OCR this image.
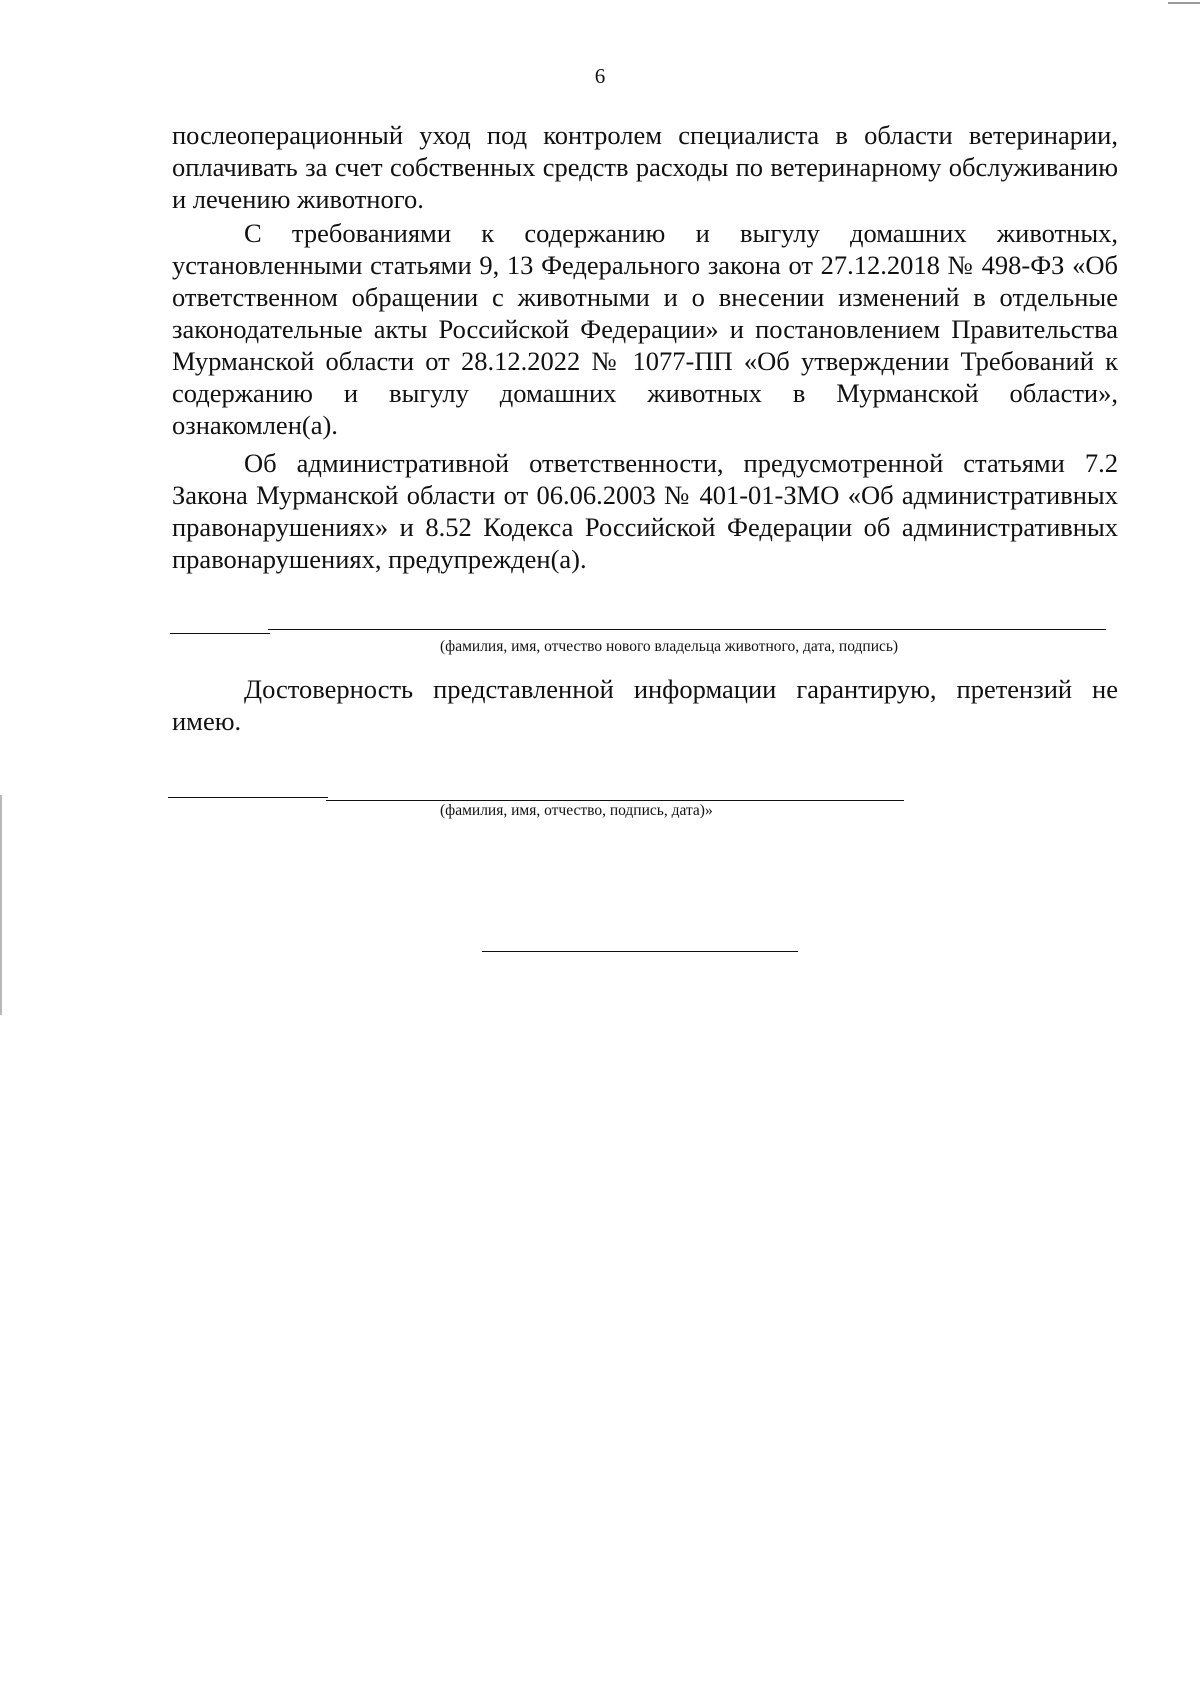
6

послеоперационный уход под контролем специалиста в области ветеринарии, оплачивать за счет собственных средств расходы по ветеринарному обслуживанию и лечению животного.

С требованиями к содержанию и выгулу домашних животных, установленными статьями 9, 13 Федерального закона от 27.12.2018 № 498-ФЗ «Об ответственном обращении с животными и о внесении изменений в отдельные законодательные акты Российской Федерации» и постановлением Правительства Мурманской области от 28.12.2022 № 1077-ПП «Об утверждении Требований к содержанию и выгулу домашних животных в Мурманской области», ознакомлен(а).

Об административной ответственности, предусмотренной статьями 7.2 Закона Мурманской области от 06.06.2003 № 401-01-ЗМО «Об административных правонарушениях» и 8.52 Кодекса Российской Федерации об административных правонарушениях, предупрежден(а).

(фамилия, имя, отчество нового владельца животного, дата, подпись)

Достоверность представленной информации гарантирую, претензий не имею.

(фамилия, имя, отчество, подпись, дата)»
